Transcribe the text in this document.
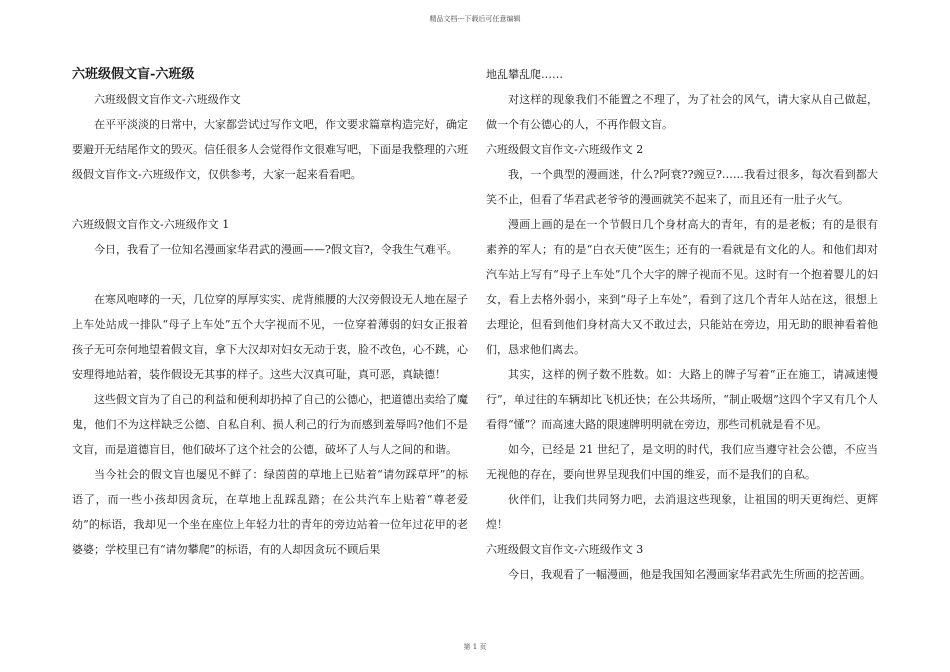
精品文档---下载后可任意编辑

六班级假文盲-六班级

六班级假文盲作文-六班级作文

在平平淡淡的日常中，大家都尝试过写作文吧，作文要求篇章构造完好，确定要避开无结尾作文的毁灭。信任很多人会觉得作文很难写吧，下面是我整理的六班级假文盲作文-六班级作文，仅供参考，大家一起来看看吧。

六班级假文盲作文-六班级作文 1

今日，我看了一位知名漫画家华君武的漫画——?假文盲?，令我生气难平。

在寒风咆哮的一天，几位穿的厚厚实实、虎背熊腰的大汉旁假设无人地在屋子上车处站成一排队“母子上车处”五个大字视而不见，一位穿着薄弱的妇女正报着孩子无可奈何地望着假文盲，拿下大汉却对妇女无动于衷，脸不改色，心不跳，心安理得地站着，装作假设无其事的样子。这些大汉真可耻，真可恶，真缺德！

这些假文盲为了自己的利益和便利却扔掉了自己的公德心，把道德出卖给了魔鬼，他们不为这样缺乏公德、自私自利、损人利己的行为而感到羞辱吗?他们不是文盲，而是道德盲目，他们破坏了这个社会的公德，破坏了人与人之间的和谐。

当今社会的假文盲也屡见不鲜了：绿茵茵的草地上已贴着“请勿踩草坪”的标语了，而一些小孩却因贪玩，在草地上乱踩乱踏；在公共汽车上贴着“尊老爱幼”的标语，我却见一个坐在座位上年轻力壮的青年的旁边站着一位年过花甲的老婆婆；学校里已有“请勿攀爬”的标语，有的人却因贪玩不顾后果

地乱攀乱爬……

对这样的现象我们不能置之不理了，为了社会的风气，请大家从自己做起，做一个有公德心的人，不再作假文盲。

六班级假文盲作文-六班级作文 2

我，一个典型的漫画迷，什么?阿衰??豌豆?……我看过很多，每次看到都大笑不止，但看了华君武老爷爷的漫画就笑不起来了，而且还有一肚子火气。

漫画上画的是在一个节假日几个身材高大的青年，有的是老板；有的是很有素养的军人；有的是“白衣天使”医生；还有的一看就是有文化的人。和他们却对汽车站上写有“母子上车处”几个大字的牌子视而不见。这时有一个抱着婴儿的妇女，看上去格外弱小，来到“母子上车处”，看到了这几个青年人站在这，很想上去理论，但看到他们身材高大又不敢过去，只能站在旁边，用无助的眼神看着他们，恳求他们离去。

其实，这样的例子数不胜数。如：大路上的牌子写着“正在施工，请减速慢行”，单过往的车辆却比飞机还快；在公共场所，“制止吸烟”这四个字又有几个人看得“懂”？而高速大路的限速牌明明就在旁边，那些司机就是看不见。

如今，已经是 21 世纪了，是文明的时代，我们应当遵守社会公德，不应当无视他的存在，要向世界呈现我们中国的维妥，而不是我们的自私。

伙伴们，让我们共同努力吧，去消退这些现象，让祖国的明天更绚烂、更辉煌！

六班级假文盲作文-六班级作文 3

今日，我观看了一幅漫画，他是我国知名漫画家华君武先生所画的挖苦画。

第 1 页
